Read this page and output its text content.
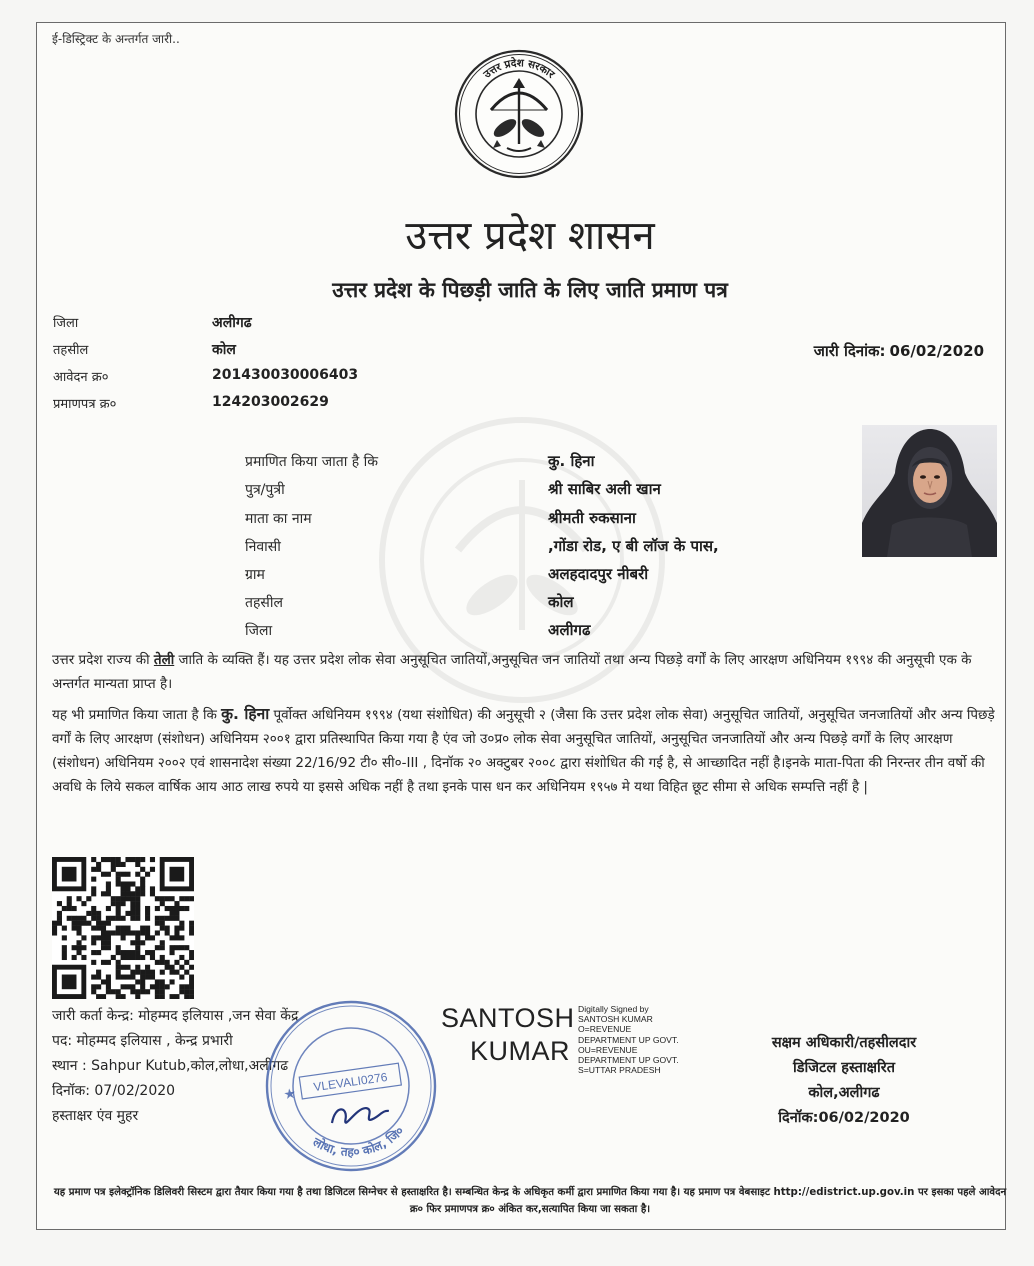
ई-डिस्ट्रिक्ट के अन्तर्गत जारी..
उत्तर प्रदेश सरकार
उत्तर प्रदेश शासन
उत्तर प्रदेश के पिछड़ी जाति के लिए जाति प्रमाण पत्र
जिला	अलीगढ
तहसील	कोल
आवेदन क्र०	201430030006403
प्रमाणपत्र क्र०	124203002629
जारी दिनांक: 06/02/2020
प्रमाणित किया जाता है कि	कु. हिना
पुत्र/पुत्री	श्री साबिर अली खान
माता का नाम	श्रीमती रुकसाना
निवासी	,गोंडा रोड, ए बी लॉज के पास,
ग्राम	अलहदादपुर नीबरी
तहसील	कोल
जिला	अलीगढ
उत्तर प्रदेश राज्य की तेली जाति के व्यक्ति हैं। यह उत्तर प्रदेश लोक सेवा अनुसूचित जातियों,अनुसूचित जन जातियों तथा अन्य पिछड़े वर्गों के लिए आरक्षण अधिनियम १९९४ की अनुसूची एक के अन्तर्गत मान्यता प्राप्त है।
यह भी प्रमाणित किया जाता है कि कु. हिना पूर्वोक्त अधिनियम १९९४ (यथा संशोधित) की अनुसूची २ (जैसा कि उत्तर प्रदेश लोक सेवा) अनुसूचित जातियों, अनुसूचित जनजातियों और अन्य पिछड़े वर्गों के लिए आरक्षण (संशोधन) अधिनियम २००१ द्वारा प्रतिस्थापित किया गया है एंव जो उ०प्र० लोक सेवा अनुसूचित जातियों, अनुसूचित जनजातियों और अन्य पिछड़े वर्गों के लिए आरक्षण (संशोधन) अधिनियम २००२ एवं शासनादेश संख्या 22/16/92 टी० सी०-III , दिनॉक २० अक्टुबर २००८ द्वारा संशोधित की गई है, से आच्छादित नहीं है।इनके माता-पिता की निरन्तर तीन वर्षो की अवधि के लिये सकल वार्षिक आय आठ लाख रुपये या इससे अधिक नहीं है तथा इनके पास धन कर अधिनियम १९५७ मे यथा विहित छूट सीमा से अधिक सम्पत्ति नहीं है |
जारी कर्ता केन्द्र: मोहम्मद इलियास ,जन सेवा केंद्र
पद: मोहम्मद इलियास , केन्द्र प्रभारी
स्थान : Sahpur Kutub,कोल,लोधा,अलीगढ
दिनॉक: 07/02/2020
हस्ताक्षर एंव मुहर
लोधा, तह० कोल, जि०
VLEVALI0276
★
SANTOSH
KUMAR
Digitally Signed by
SANTOSH KUMAR
O=REVENUE
DEPARTMENT UP GOVT.
OU=REVENUE
DEPARTMENT UP GOVT.
S=UTTAR PRADESH
सक्षम अधिकारी/तहसीलदार
डिजिटल हस्ताक्षरित
कोल,अलीगढ
दिनॉक:06/02/2020
यह प्रमाण पत्र इलेक्ट्रॉनिक डिलिवरी सिस्टम द्वारा तैयार किया गया है तथा डिजिटल सिग्नेचर से हस्ताक्षरित है। सम्बन्धित केन्द्र के अधिकृत कर्मी द्वारा प्रमाणित किया गया है। यह प्रमाण पत्र वेबसाइट http://edistrict.up.gov.in पर इसका पहले आवेदन क्र० फिर प्रमाणपत्र क्र० अंकित कर,सत्यापित किया जा सकता है।
